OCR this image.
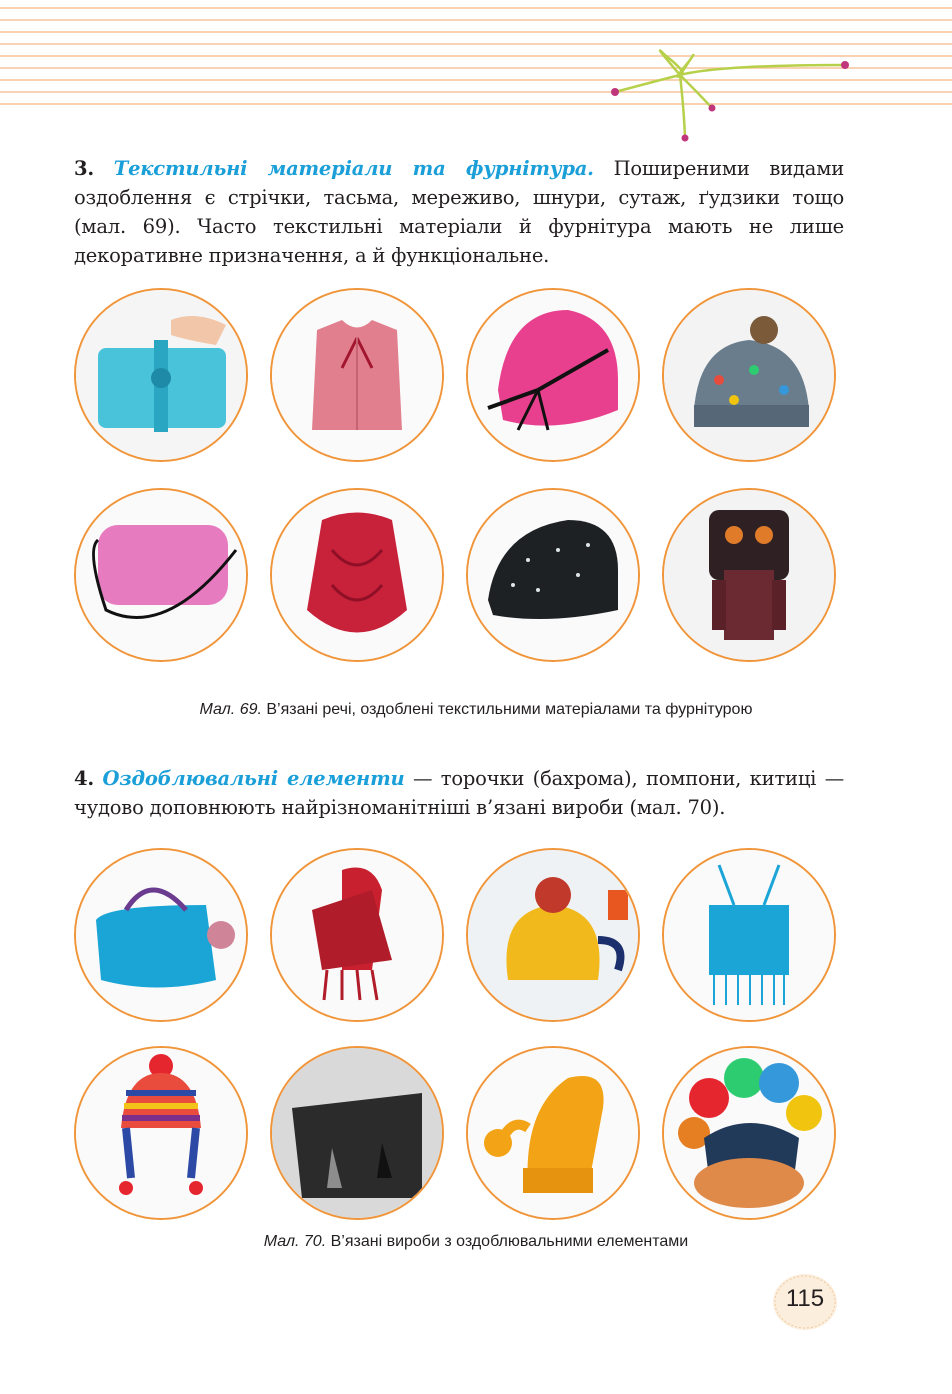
3. Текстильні матеріали та фурнітура. Поширеними видами оздоблення є стрічки, тасьма, мереживо, шнури, сутаж, ґудзики тощо (мал. 69). Часто текстильні матеріали й фурнітура мають не лише декоративне призначення, а й функціональне.

Мал. 69. В’язані речі, оздоблені текстильними матеріалами та фурнітурою

4. Оздоблювальні елементи — торочки (бахрома), помпони, китиці — чудово доповнюють найрізноманітніші в’язані вироби (мал. 70).

Мал. 70. В’язані вироби з оздоблювальними елементами
115
